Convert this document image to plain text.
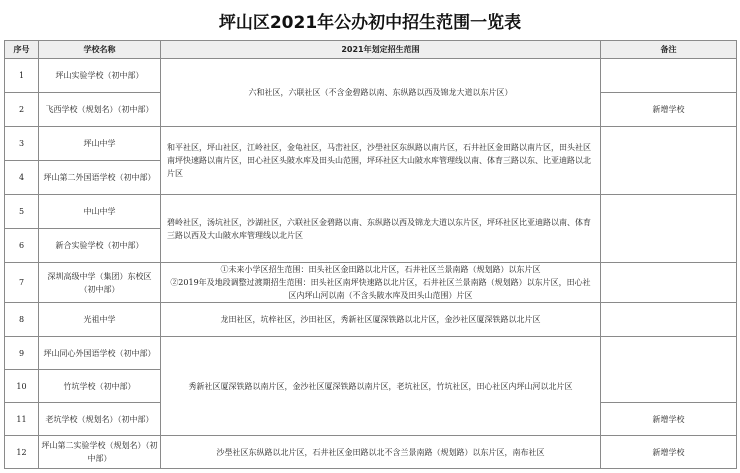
坪山区2021年公办初中招生范围一览表
序号	学校名称	2021年划定招生范围	备注
1	坪山实验学校（初中部）	六和社区，六联社区（不含金碧路以南、东纵路以西及锦龙大道以东片区）	
2	飞西学校（规划名）（初中部）		新增学校
3	坪山中学	和平社区，坪山社区，江岭社区，金龟社区，马峦社区，沙壆社区东纵路以南片区，石井社区金田路以南片区，田头社区南坪快速路以南片区，田心社区头陂水库及田头山范围，坪环社区大山陂水库管理线以南、体育三路以东、比亚迪路以北片区	
4	坪山第二外国语学校（初中部）		
5	中山中学	碧岭社区，汤坑社区，沙湖社区，六联社区金碧路以南、东纵路以西及锦龙大道以东片区，坪环社区比亚迪路以南、体育三路以西及大山陂水库管理线以北片区	
6	新合实验学校（初中部）		
7	深圳高级中学（集团）东校区（初中部）	①未来小学区招生范围：田头社区金田路以北片区，石井社区兰景南路（规划路）以东片区
②2019年及地段调整过渡期招生范围：田头社区南坪快速路以北片区，石井社区兰景南路（规划路）以东片区，田心社区内坪山河以南（不含头陂水库及田头山范围）片区	

8	光祖中学	龙田社区，坑梓社区，沙田社区，秀新社区厦深铁路以北片区，金沙社区厦深铁路以北片区	
9	坪山同心外国语学校（初中部）	秀新社区厦深铁路以南片区，金沙社区厦深铁路以南片区，老坑社区，竹坑社区，田心社区内坪山河以北片区	
10	竹坑学校（初中部）		
11	老坑学校（规划名）（初中部）		新增学校
12	坪山第二实验学校（规划名）（初中部）	沙壆社区东纵路以北片区，石井社区金田路以北不含兰景南路（规划路）以东片区，南布社区	新增学校
